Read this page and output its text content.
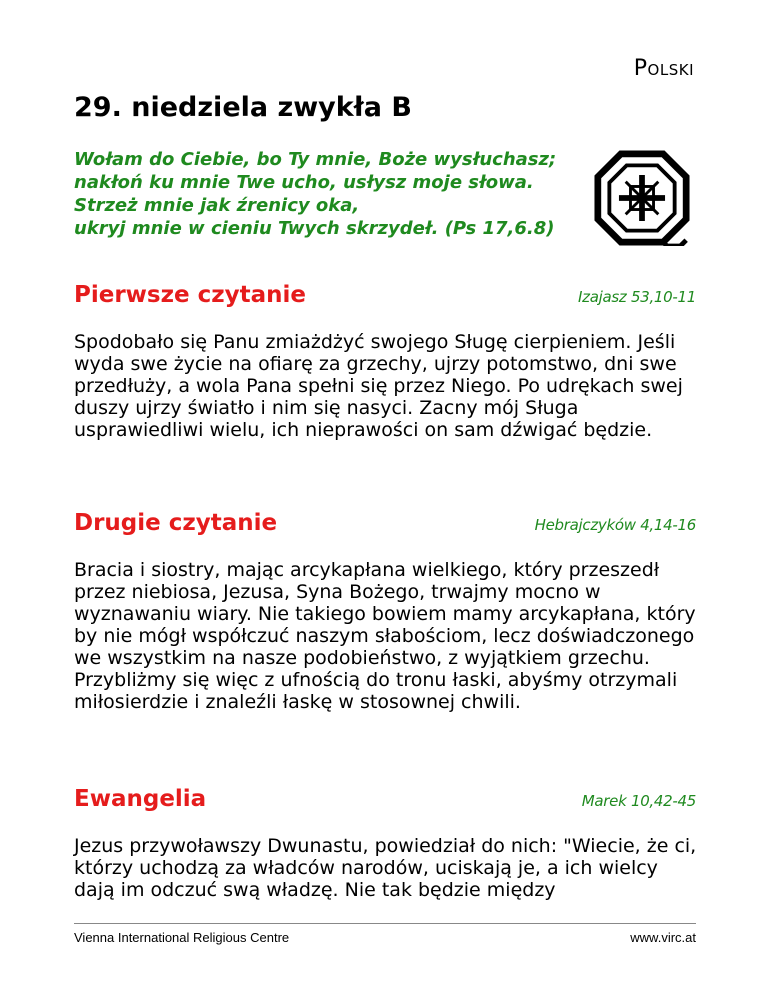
Polski
29. niedziela zwykła B
Wołam do Ciebie, bo Ty mnie, Boże wysłuchasz;
nakłoń ku mnie Twe ucho, usłysz moje słowa.
Strzeż mnie jak źrenicy oka,
ukryj mnie w cieniu Twych skrzydeł. (Ps 17,6.8)
Pierwsze czytanie	Izajasz 53,10-11
Spodobało się Panu zmiażdżyć swojego Sługę cierpieniem. Jeśli wyda swe życie na ofiarę za grzechy, ujrzy potomstwo, dni swe przedłuży, a wola Pana spełni się przez Niego. Po udrękach swej duszy ujrzy światło i nim się nasyci. Zacny mój Sługa usprawiedliwi wielu, ich nieprawości on sam dźwigać będzie.
Drugie czytanie	Hebrajczyków 4,14-16
Bracia i siostry, mając arcykapłana wielkiego, który przeszedł przez niebiosa, Jezusa, Syna Bożego, trwajmy mocno w wyznawaniu wiary. Nie takiego bowiem mamy arcykapłana, który by nie mógł współczuć naszym słabościom, lecz doświadczonego we wszystkim na nasze podobieństwo, z wyjątkiem grzechu. Przybliżmy się więc z ufnością do tronu łaski, abyśmy otrzymali miłosierdzie i znaleźli łaskę w stosownej chwili.
Ewangelia	Marek 10,42-45
Jezus przywoławszy Dwunastu, powiedział do nich: "Wiecie, że ci, którzy uchodzą za władców narodów, uciskają je, a ich wielcy dają im odczuć swą władzę. Nie tak będzie między
Vienna International Religious Centre	www.virc.at
